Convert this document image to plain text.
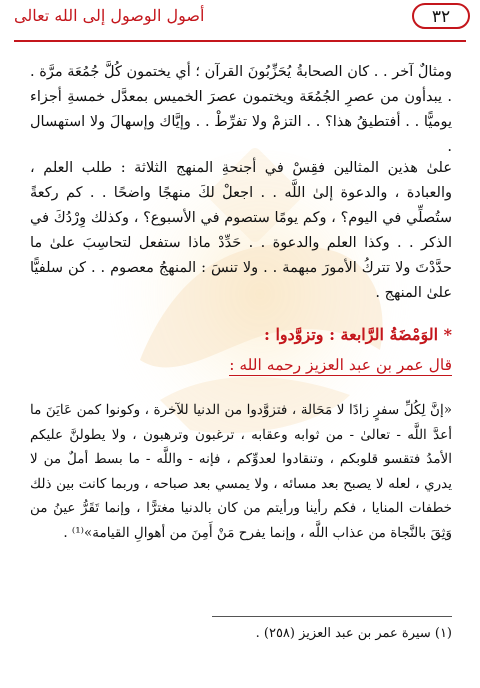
أصول الوصول إلى الله تعالى	٣٢

ومثالٌ آخر . . كان الصحابةُ يُحَزِّبُونَ القرآن ؛ أي يختمون كُلَّ جُمُعَة مرَّة . . يبدأون من عصرِ الجُمُعَة ويختمون عصرَ الخميس بمعدَّل خمسةِ أجزاء يوميًّا . . أفتطيقُ هذا؟ . . التزمْ ولا تفرِّطْ . . وإيَّاك وإسهالَ ولا استهسال .

علىٰ هذين المثالين فقِسْ في أجنحةِ المنهج الثلاثة : طلب العلم ، والعبادة ، والدعوة إلىٰ اللَّه . . اجعلْ لكَ منهجًا واضحًا . . كم ركعةً ستُصلِّي في اليوم؟ ، وكم يومًا ستصوم في الأسبوع؟ ، وكذلك وِرْدُكَ في الذكر . . وكذا العلم والدعوة . . حَدِّدْ ماذا ستفعل لتحاسِبَ علىٰ ما حدَّدْتَ ولا تتركُ الأمورَ مبهمة . . ولا تنسَ : المنهجُ معصوم . . كن سلفيًّا علىٰ المنهج .

* الوَمْضَةُ الرَّابعة : وتزوَّدوا :
قال عمر بن عبد العزيز رحمه الله :

«إنَّ لِكُلِّ سفرٍ زادًا لا مَحَالة ، فتزوَّدوا من الدنيا للآخرة ، وكونوا كمن عَايَنَ ما أعدَّ اللَّه - تعالىٰ - من ثوابه وعقابه ، ترغبون وترهبون ، ولا يطولنَّ عليكم الأمدُ فتقسو قلوبكم ، وتنقادوا لعدوِّكم ، فإنه - واللَّه - ما بسط أملٌ من لا يدري ، لعله لا يصبح بعد مسائه ، ولا يمسي بعد صباحه ، وربما كانت بين ذلك خطفات المنايا ، فكم رأينا ورأيتم من كان بالدنيا مغترًّا ، وإنما تَقَرُّ عينُ من وَثِقَ بالنَّجاة من عذاب اللَّه ، وإنما يفرح مَنْ أَمِنَ من أهوالِ القيامة»⁽¹⁾ .

(١) سيرة عمر بن عبد العزيز (٢٥٨) .
